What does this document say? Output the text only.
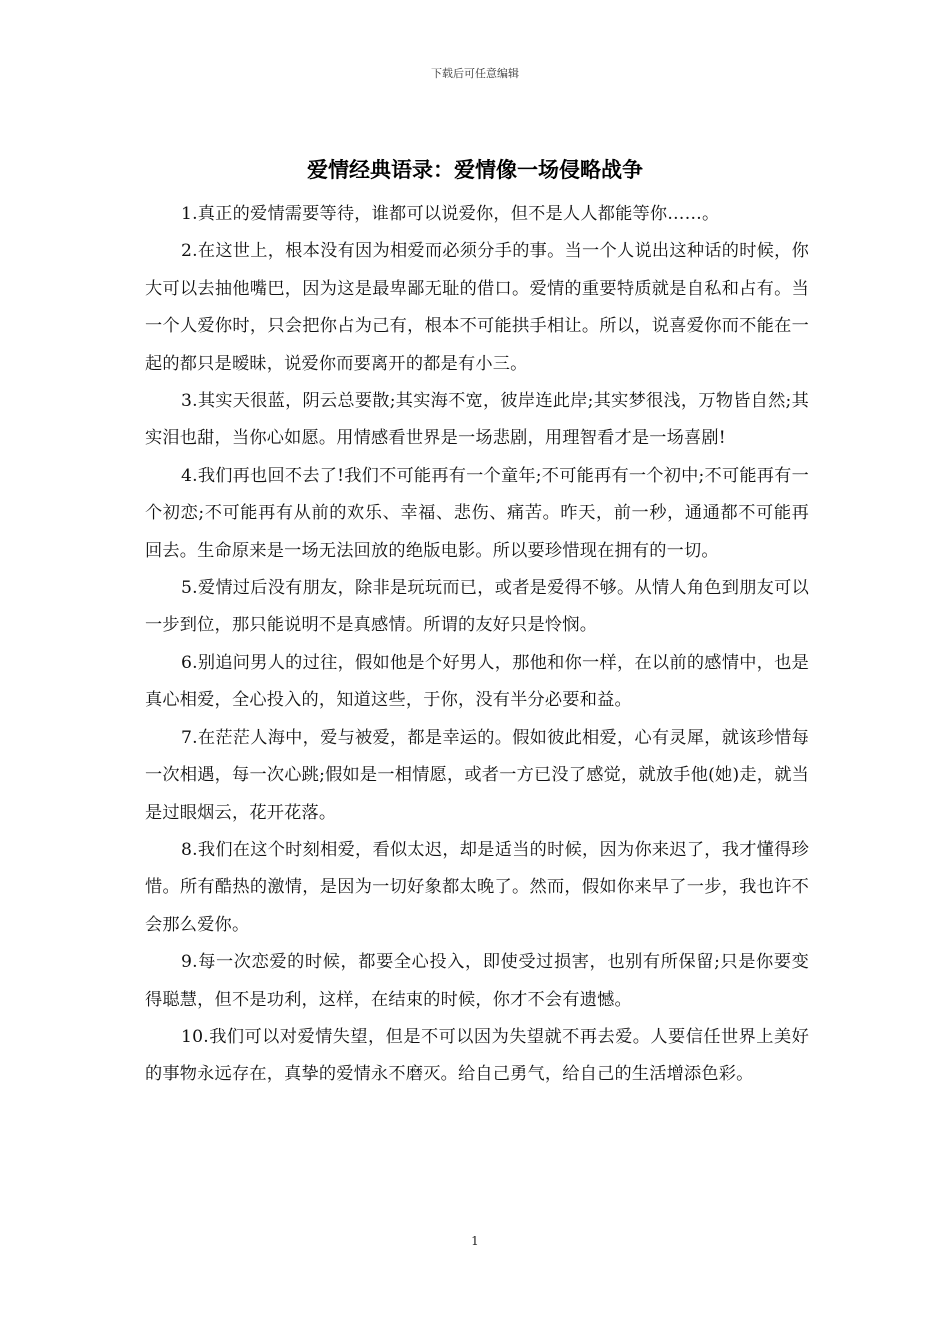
下载后可任意编辑
爱情经典语录：爱情像一场侵略战争

1.真正的爱情需要等待，谁都可以说爱你，但不是人人都能等你……。

2.在这世上，根本没有因为相爱而必须分手的事。当一个人说出这种话的时候，你大可以去抽他嘴巴，因为这是最卑鄙无耻的借口。爱情的重要特质就是自私和占有。当一个人爱你时，只会把你占为己有，根本不可能拱手相让。所以，说喜爱你而不能在一起的都只是暧昧，说爱你而要离开的都是有小三。

3.其实天很蓝，阴云总要散;其实海不宽，彼岸连此岸;其实梦很浅，万物皆自然;其实泪也甜，当你心如愿。用情感看世界是一场悲剧，用理智看才是一场喜剧!

4.我们再也回不去了!我们不可能再有一个童年;不可能再有一个初中;不可能再有一个初恋;不可能再有从前的欢乐、幸福、悲伤、痛苦。昨天，前一秒，通通都不可能再回去。生命原来是一场无法回放的绝版电影。所以要珍惜现在拥有的一切。

5.爱情过后没有朋友，除非是玩玩而已，或者是爱得不够。从情人角色到朋友可以一步到位，那只能说明不是真感情。所谓的友好只是怜悯。

6.别追问男人的过往，假如他是个好男人，那他和你一样，在以前的感情中，也是真心相爱，全心投入的，知道这些，于你，没有半分必要和益。

7.在茫茫人海中，爱与被爱，都是幸运的。假如彼此相爱，心有灵犀，就该珍惜每一次相遇，每一次心跳;假如是一相情愿，或者一方已没了感觉，就放手他(她)走，就当是过眼烟云，花开花落。

8.我们在这个时刻相爱，看似太迟，却是适当的时候，因为你来迟了，我才懂得珍惜。所有酷热的激情，是因为一切好象都太晚了。然而，假如你来早了一步，我也许不会那么爱你。

9.每一次恋爱的时候，都要全心投入，即使受过损害，也别有所保留;只是你要变得聪慧，但不是功利，这样，在结束的时候，你才不会有遗憾。

10.我们可以对爱情失望，但是不可以因为失望就不再去爱。人要信任世界上美好的事物永远存在，真挚的爱情永不磨灭。给自己勇气，给自己的生活增添色彩。

1
